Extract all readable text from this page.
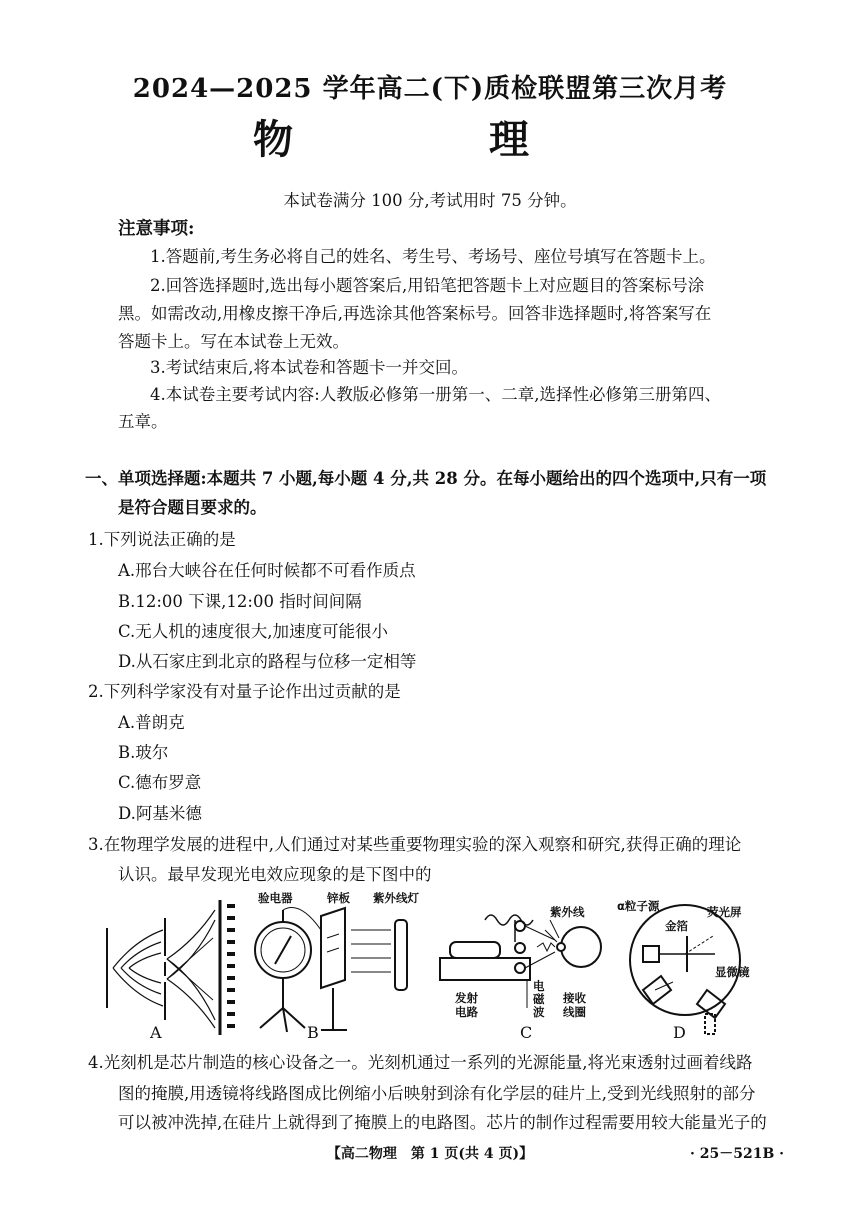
2024—2025 学年高二(下)质检联盟第三次月考
物　理
本试卷满分 100 分,考试用时 75 分钟。
注意事项:
1.答题前,考生务必将自己的姓名、考生号、考场号、座位号填写在答题卡上。
2.回答选择题时,选出每小题答案后,用铅笔把答题卡上对应题目的答案标号涂
黑。如需改动,用橡皮擦干净后,再选涂其他答案标号。回答非选择题时,将答案写在
答题卡上。写在本试卷上无效。
3.考试结束后,将本试卷和答题卡一并交回。
4.本试卷主要考试内容:人教版必修第一册第一、二章,选择性必修第三册第四、
五章。
一、单项选择题:本题共 7 小题,每小题 4 分,共 28 分。在每小题给出的四个选项中,只有一项
是符合题目要求的。
1.下列说法正确的是
A.邢台大峡谷在任何时候都不可看作质点
B.12:00 下课,12:00 指时间间隔
C.无人机的速度很大,加速度可能很小
D.从石家庄到北京的路程与位移一定相等
2.下列科学家没有对量子论作出过贡献的是
A.普朗克
B.玻尔
C.德布罗意
D.阿基米德
3.在物理学发展的进程中,人们通过对某些重要物理实验的深入观察和研究,获得正确的理论
认识。最早发现光电效应现象的是下图中的
验电器	锌板 紫外线灯
紫外线
发射
电路
电
磁
波
接收
线圈
α粒子源
金箔
荧光屏
显微镜
A	B	C	D
4.光刻机是芯片制造的核心设备之一。光刻机通过一系列的光源能量,将光束透射过画着线路
图的掩膜,用透镜将线路图成比例缩小后映射到涂有化学层的硅片上,受到光线照射的部分
可以被冲洗掉,在硅片上就得到了掩膜上的电路图。芯片的制作过程需要用较大能量光子的
【高二物理　第 1 页(共 4 页)】	· 25－521B ·
